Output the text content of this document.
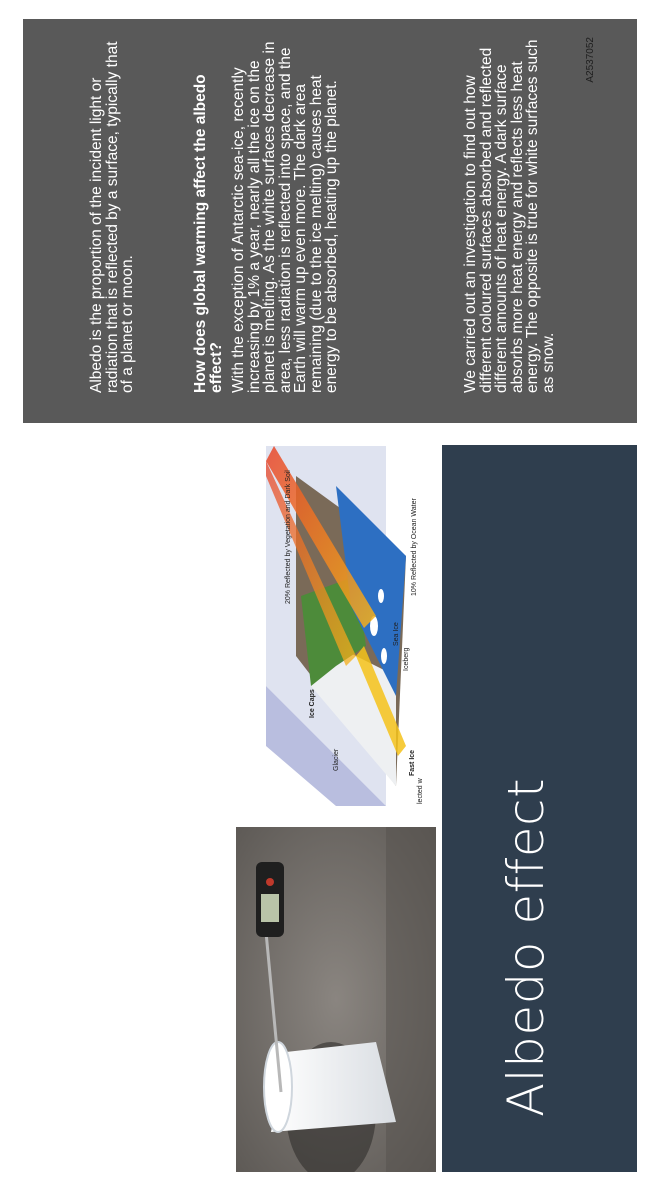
20% Reflected by Vegetation and Dark Soil	10% Reflected by Ocean Water
Ice Caps
Glacier	Fast Ice
Sea Ice
Iceberg
lected w Albedo effect
Albedo is the proportion of the incident light or radiation that is reflected by a surface, typically that of a planet or moon.	How does global warming affect the albedo effect? With the exception of Antarctic sea-ice, recently increasing by 1% a year, nearly all the ice on the planet is melting. As the white surfaces decrease in area, less radiation is reflected into space, and the Earth will warm up even more. The dark area remaining (due to the ice melting) causes heat energy to be absorbed, heating up the planet.	We carried out an investigation to find out how different coloured surfaces absorbed and reflected different amounts of heat energy. A dark surface absorbs more heat energy and reflects less heat energy. The opposite is true for white surfaces such as snow.
A2537052
